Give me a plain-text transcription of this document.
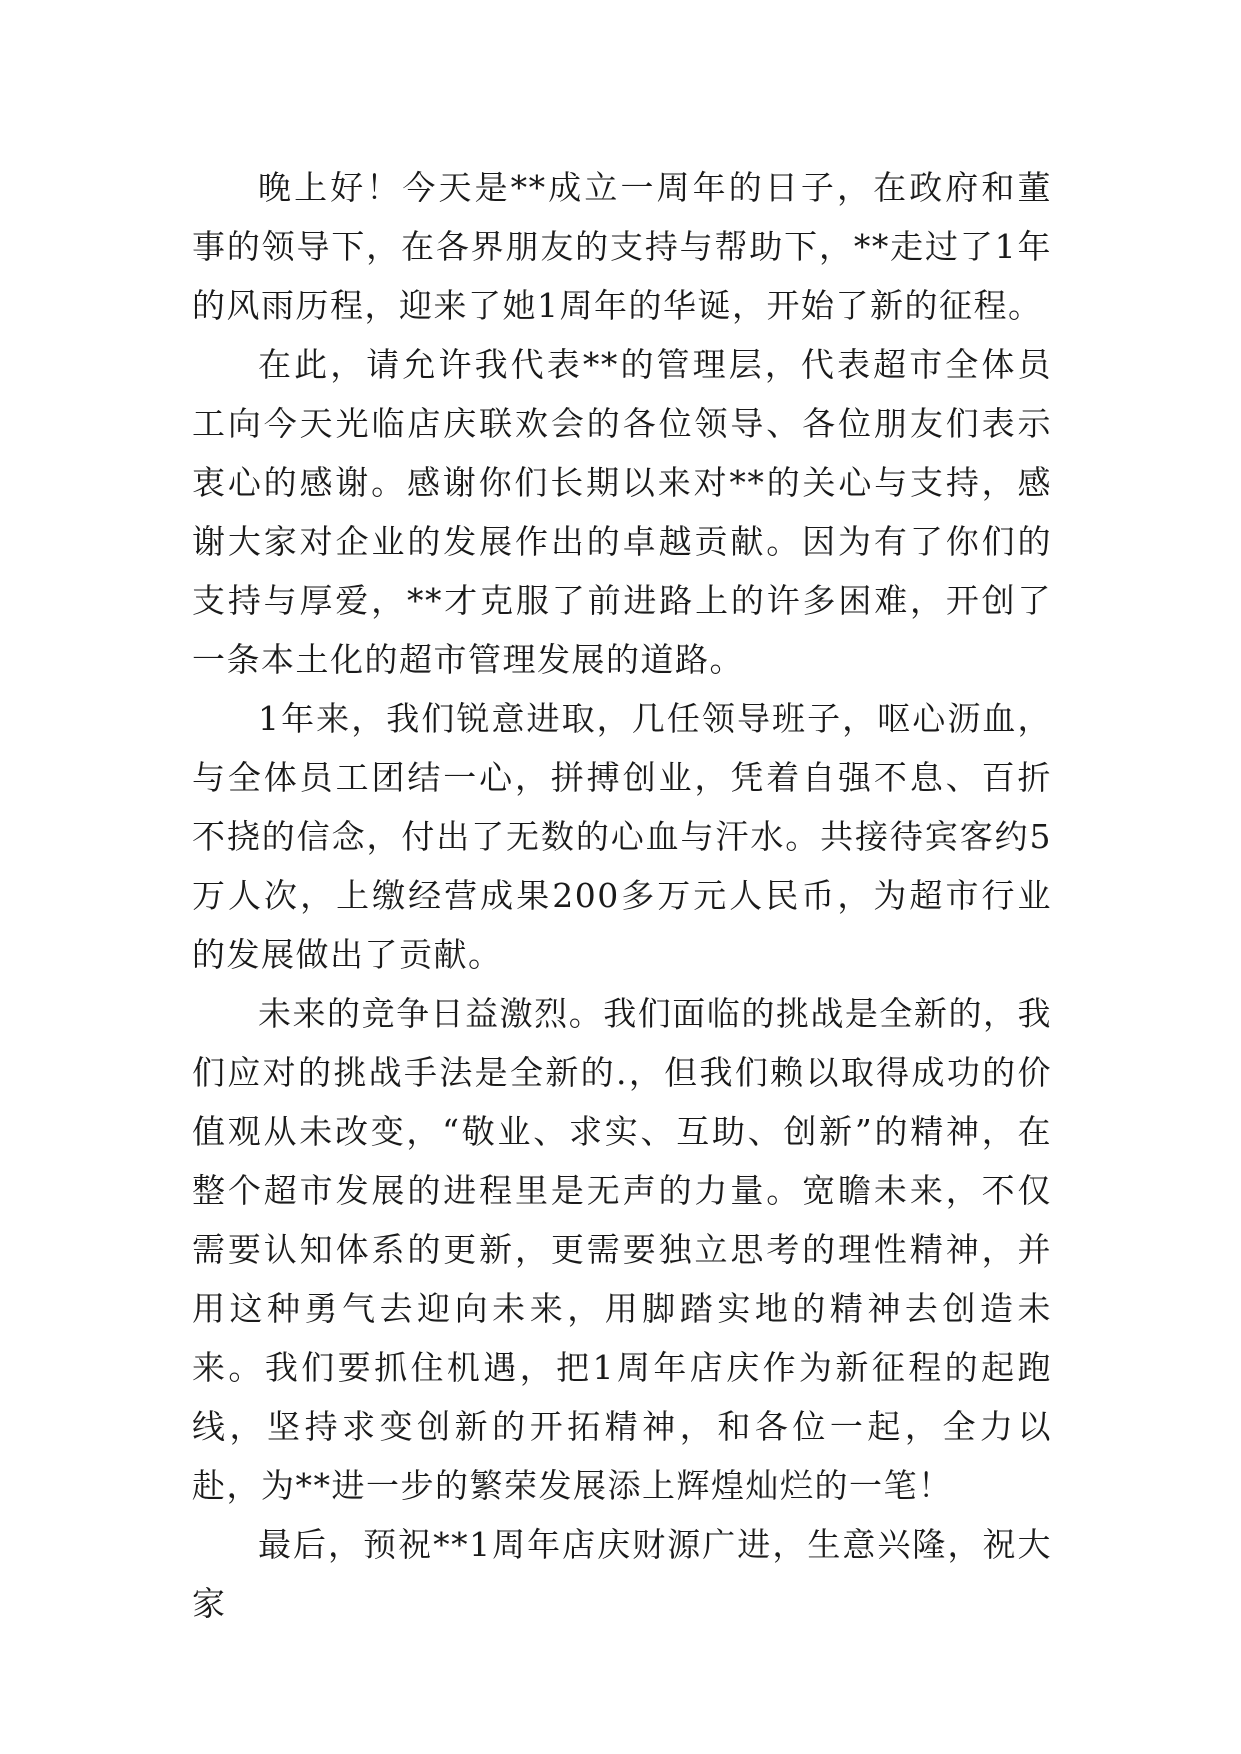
晚上好！今天是**成立一周年的日子，在政府和董事的领导下，在各界朋友的支持与帮助下，**走过了1年的风雨历程，迎来了她1周年的华诞，开始了新的征程。

在此，请允许我代表**的管理层，代表超市全体员工向今天光临店庆联欢会的各位领导、各位朋友们表示衷心的感谢。感谢你们长期以来对**的关心与支持，感谢大家对企业的发展作出的卓越贡献。因为有了你们的支持与厚爱，**才克服了前进路上的许多困难，开创了一条本土化的超市管理发展的道路。

1年来，我们锐意进取，几任领导班子，呕心沥血，与全体员工团结一心，拼搏创业，凭着自强不息、百折不挠的信念，付出了无数的心血与汗水。共接待宾客约5万人次，上缴经营成果200多万元人民币，为超市行业的发展做出了贡献。

未来的竞争日益激烈。我们面临的挑战是全新的，我们应对的挑战手法是全新的.，但我们赖以取得成功的价值观从未改变，“敬业、求实、互助、创新”的精神，在整个超市发展的进程里是无声的力量。宽瞻未来，不仅需要认知体系的更新，更需要独立思考的理性精神，并用这种勇气去迎向未来，用脚踏实地的精神去创造未来。我们要抓住机遇，把1周年店庆作为新征程的起跑线，坚持求变创新的开拓精神，和各位一起，全力以赴，为**进一步的繁荣发展添上辉煌灿烂的一笔！

最后，预祝**1周年店庆财源广进，生意兴隆，祝大家
